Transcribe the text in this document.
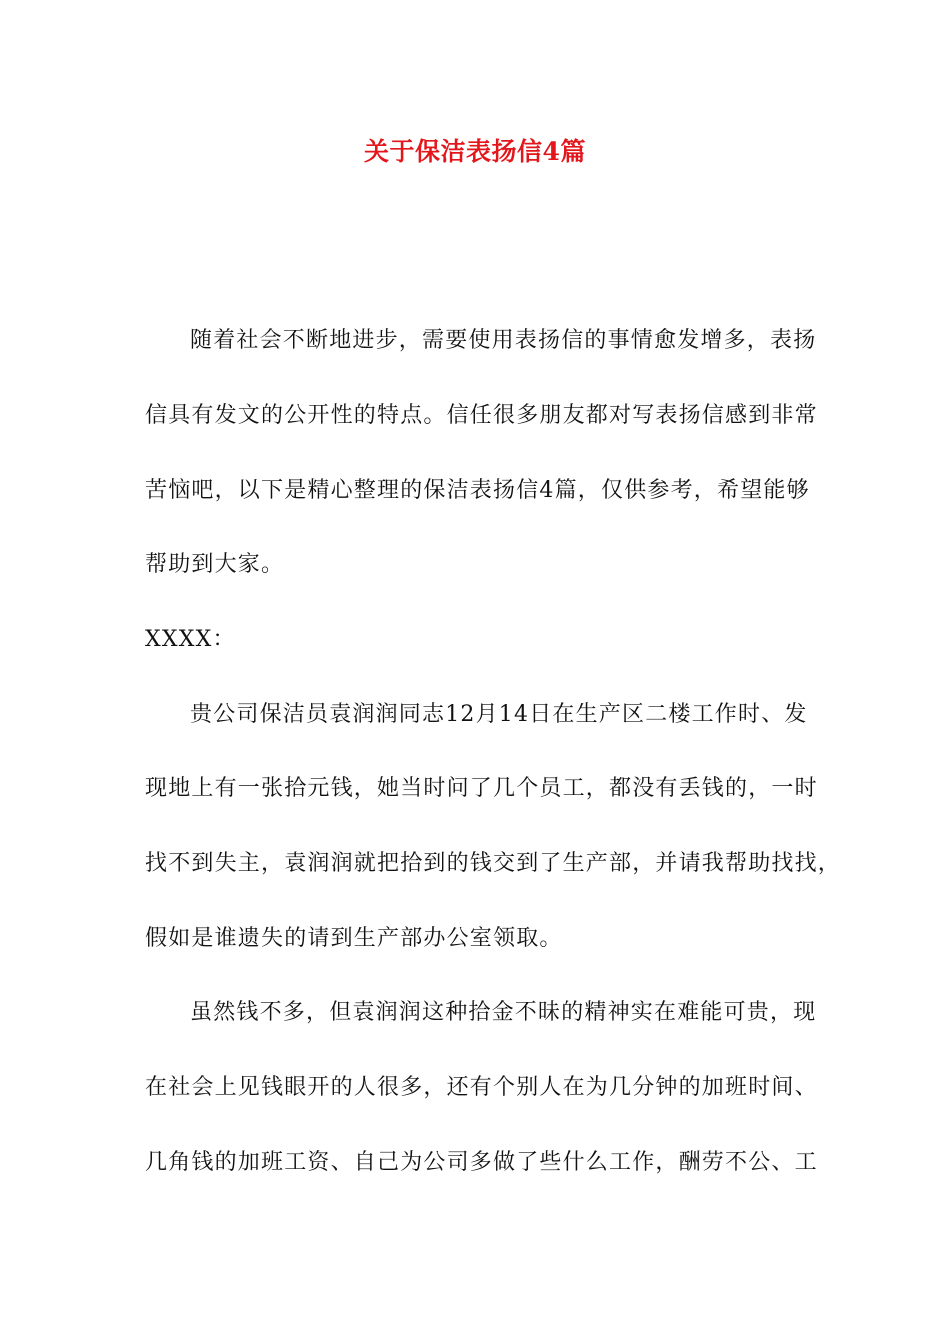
关于保洁表扬信4篇
随着社会不断地进步，需要使用表扬信的事情愈发增多，表扬
信具有发文的公开性的特点。信任很多朋友都对写表扬信感到非常
苦恼吧，以下是精心整理的保洁表扬信4篇，仅供参考，希望能够
帮助到大家。
XXXX：
贵公司保洁员袁润润同志12月14日在生产区二楼工作时、发
现地上有一张拾元钱，她当时问了几个员工，都没有丢钱的，一时
找不到失主，袁润润就把拾到的钱交到了生产部，并请我帮助找找，
假如是谁遗失的请到生产部办公室领取。
虽然钱不多，但袁润润这种拾金不昧的精神实在难能可贵，现
在社会上见钱眼开的人很多，还有个别人在为几分钟的加班时间、
几角钱的加班工资、自己为公司多做了些什么工作，酬劳不公、工
